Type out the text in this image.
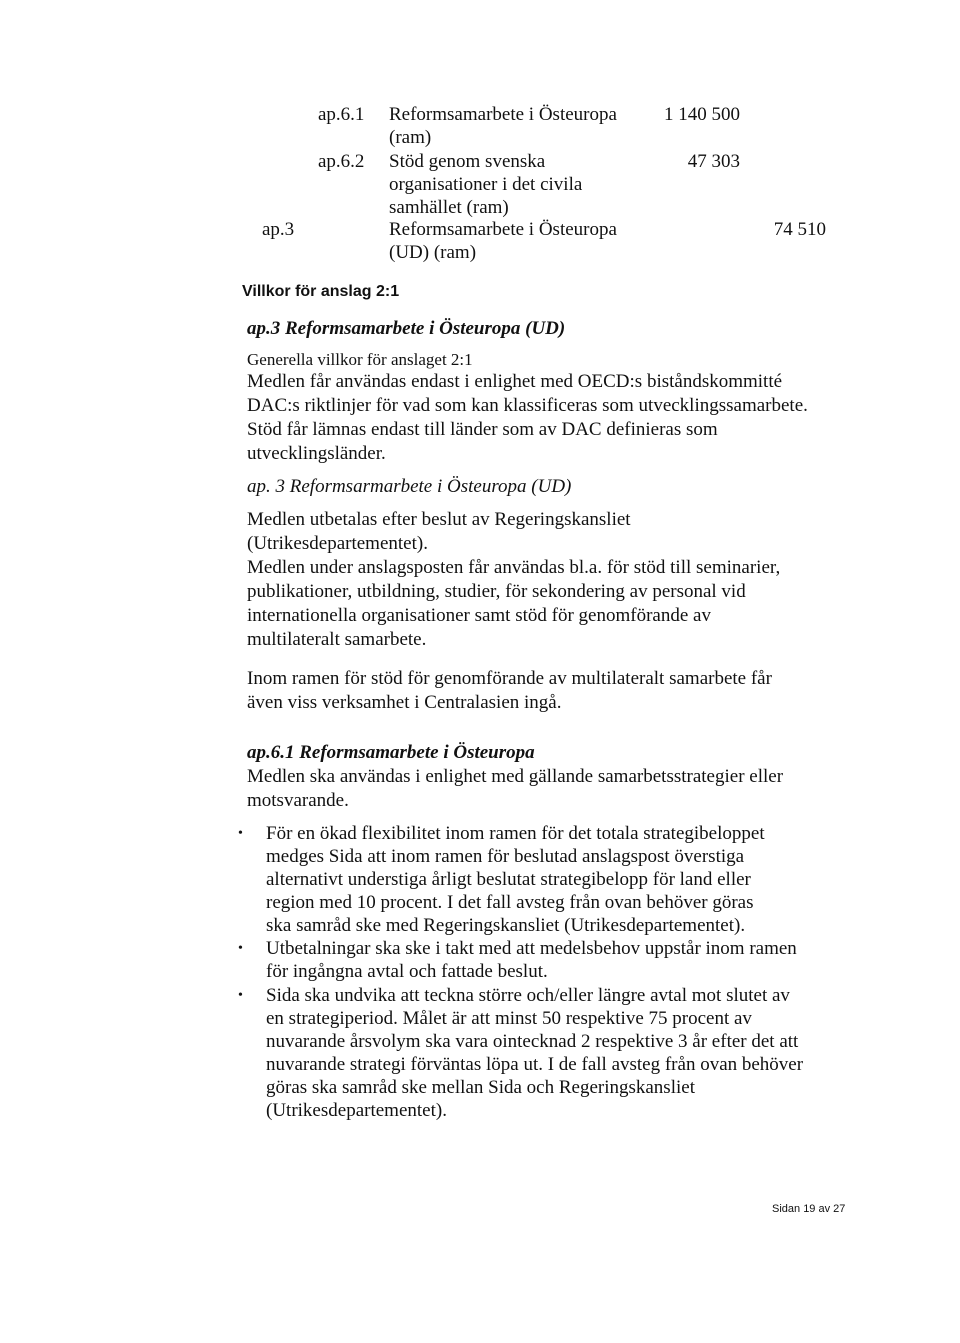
ap.6.1 Reformsamarbete i Östeuropa
(ram)
1 140 500
ap.6.2 Stöd genom svenska
organisationer i det civila
samhället (ram)
47 303
ap.3	Reformsamarbete i Östeuropa
(UD) (ram)
74 510
Villkor för anslag 2:1
ap.3 Reformsamarbete i Östeuropa (UD)
Generella villkor för anslaget 2:1
Medlen får användas endast i enlighet med OECD:s biståndskommitté
DAC:s riktlinjer för vad som kan klassificeras som utvecklingssamarbete.
Stöd får lämnas endast till länder som av DAC definieras som
utvecklingsländer.
ap. 3 Reformsarmarbete i Östeuropa (UD)
Medlen utbetalas efter beslut av Regeringskansliet
(Utrikesdepartementet).
Medlen under anslagsposten får användas bl.a. för stöd till seminarier,
publikationer, utbildning, studier, för sekondering av personal vid
internationella organisationer samt stöd för genomförande av
multilateralt samarbete.
Inom ramen för stöd för genomförande av multilateralt samarbete får
även viss verksamhet i Centralasien ingå.
ap.6.1 Reformsamarbete i Östeuropa
Medlen ska användas i enlighet med gällande samarbetsstrategier eller
motsvarande.
• För en ökad flexibilitet inom ramen för det totala strategibeloppet
medges Sida att inom ramen för beslutad anslagspost överstiga
alternativt understiga årligt beslutat strategibelopp för land eller
region med 10 procent. I det fall avsteg från ovan behöver göras
ska samråd ske med Regeringskansliet (Utrikesdepartementet).
• Utbetalningar ska ske i takt med att medelsbehov uppstår inom ramen
för ingångna avtal och fattade beslut.
• Sida ska undvika att teckna större och/eller längre avtal mot slutet av
en strategiperiod. Målet är att minst 50 respektive 75 procent av
nuvarande årsvolym ska vara ointecknad 2 respektive 3 år efter det att
nuvarande strategi förväntas löpa ut. I de fall avsteg från ovan behöver
göras ska samråd ske mellan Sida och Regeringskansliet
(Utrikesdepartementet).
Sidan 19 av 27
